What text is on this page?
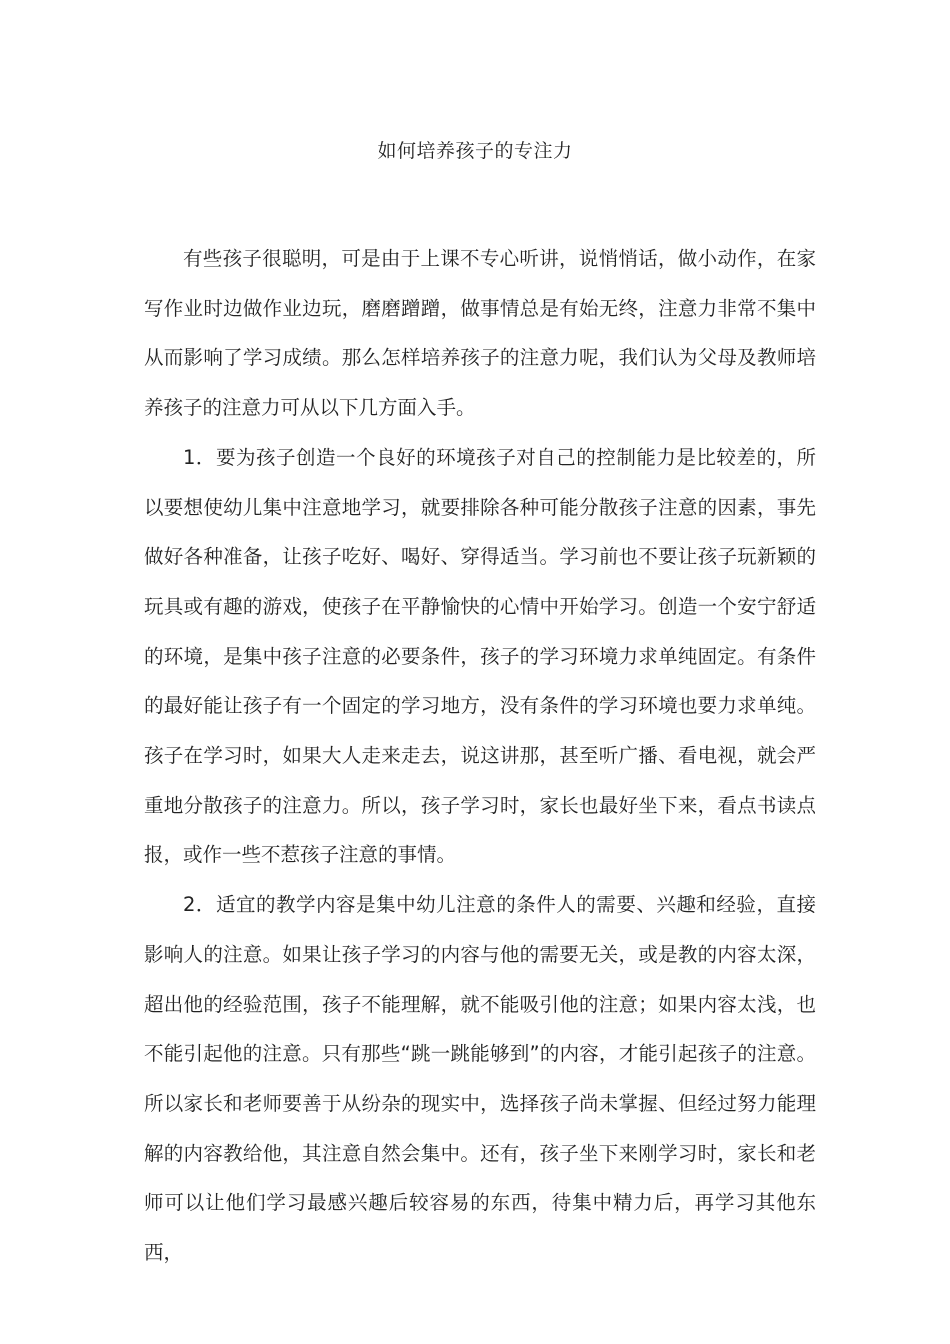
如何培养孩子的专注力

有些孩子很聪明，可是由于上课不专心听讲，说悄悄话，做小动作，在家写作业时边做作业边玩，磨磨蹭蹭，做事情总是有始无终，注意力非常不集中从而影响了学习成绩。那么怎样培养孩子的注意力呢，我们认为父母及教师培养孩子的注意力可从以下几方面入手。

1．要为孩子创造一个良好的环境孩子对自己的控制能力是比较差的，所以要想使幼儿集中注意地学习，就要排除各种可能分散孩子注意的因素，事先做好各种准备，让孩子吃好、喝好、穿得适当。学习前也不要让孩子玩新颖的玩具或有趣的游戏，使孩子在平静愉快的心情中开始学习。创造一个安宁舒适的环境，是集中孩子注意的必要条件，孩子的学习环境力求单纯固定。有条件的最好能让孩子有一个固定的学习地方，没有条件的学习环境也要力求单纯。孩子在学习时，如果大人走来走去，说这讲那，甚至听广播、看电视，就会严重地分散孩子的注意力。所以，孩子学习时，家长也最好坐下来，看点书读点报，或作一些不惹孩子注意的事情。

2．适宜的教学内容是集中幼儿注意的条件人的需要、兴趣和经验，直接影响人的注意。如果让孩子学习的内容与他的需要无关，或是教的内容太深，超出他的经验范围，孩子不能理解，就不能吸引他的注意；如果内容太浅，也不能引起他的注意。只有那些“跳一跳能够到”的内容，才能引起孩子的注意。所以家长和老师要善于从纷杂的现实中，选择孩子尚未掌握、但经过努力能理解的内容教给他，其注意自然会集中。还有，孩子坐下来刚学习时，家长和老师可以让他们学习最感兴趣后较容易的东西，待集中精力后，再学习其他东西，
